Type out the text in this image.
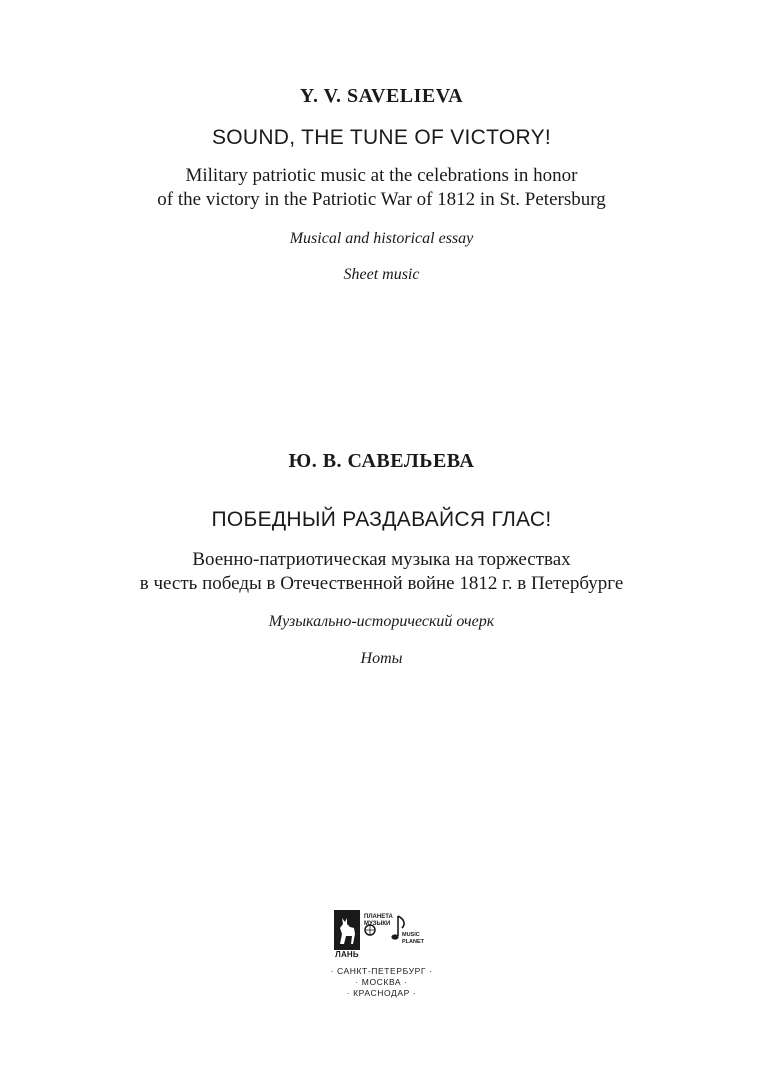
Y. V. SAVELIEVA
SOUND, THE TUNE OF VICTORY!
Military patriotic music at the celebrations in honor
of the victory in the Patriotic War of 1812 in St. Petersburg
Musical and historical essay
Sheet music
Ю. В. САВЕЛЬЕВА
ПОБЕДНЫЙ РАЗДАВАЙСЯ ГЛАС!
Военно-патриотическая музыка на торжествах
в честь победы в Отечественной войне 1812 г. в Петербурге
Музыкально-исторический очерк
Ноты
ЛАНЬ
ПЛАНЕТА
МУЗЫКИ
MUSIC
PLANET
· САНКТ-ПЕТЕРБУРГ ·
· МОСКВА ·
· КРАСНОДАР ·
